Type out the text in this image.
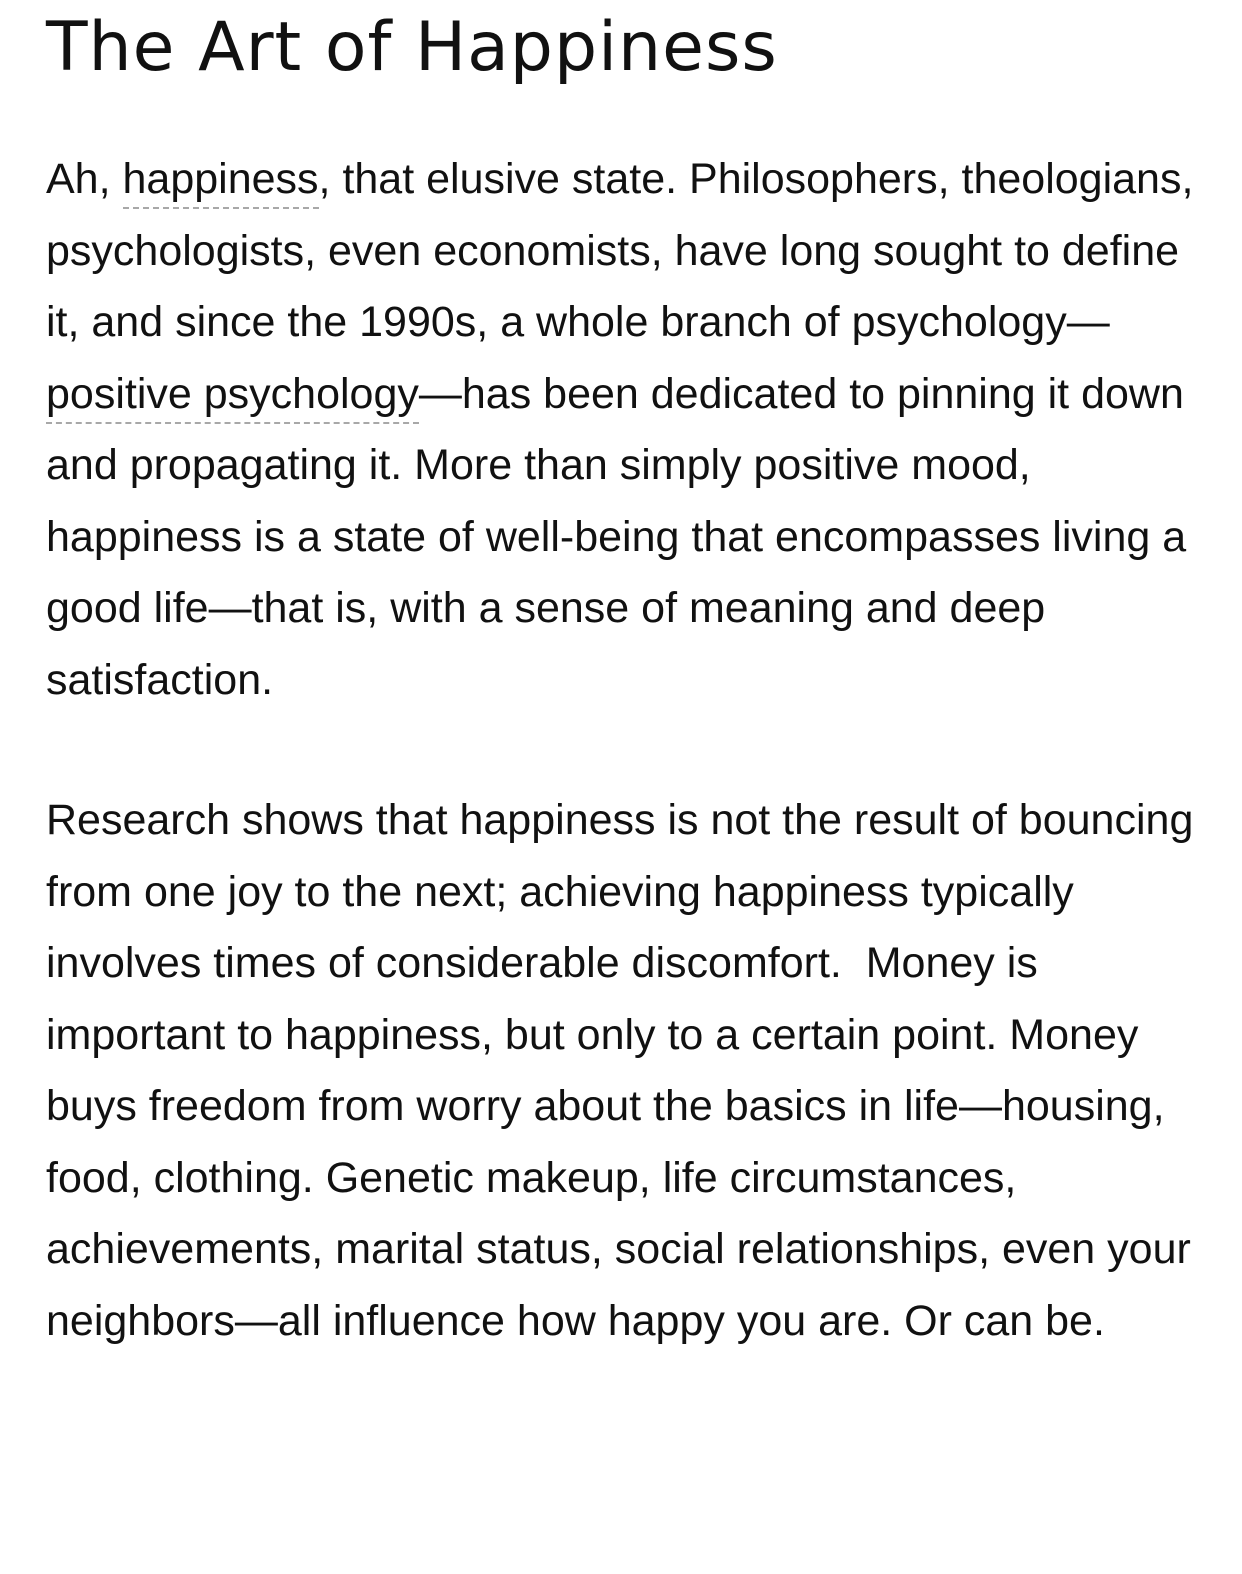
The Art of Happiness

Ah, happiness, that elusive state. Philosophers, theologians, psychologists, even economists, have long sought to define it, and since the 1990s, a whole branch of psychology—positive psychology—has been dedicated to pinning it down and propagating it. More than simply positive mood, happiness is a state of well-being that encompasses living a good life—that is, with a sense of meaning and deep satisfaction.

Research shows that happiness is not the result of bouncing from one joy to the next; achieving happiness typically involves times of considerable discomfort.  Money is important to happiness, but only to a certain point. Money buys freedom from worry about the basics in life—housing, food, clothing. Genetic makeup, life circumstances, achievements, marital status, social relationships, even your neighbors—all influence how happy you are. Or can be.
